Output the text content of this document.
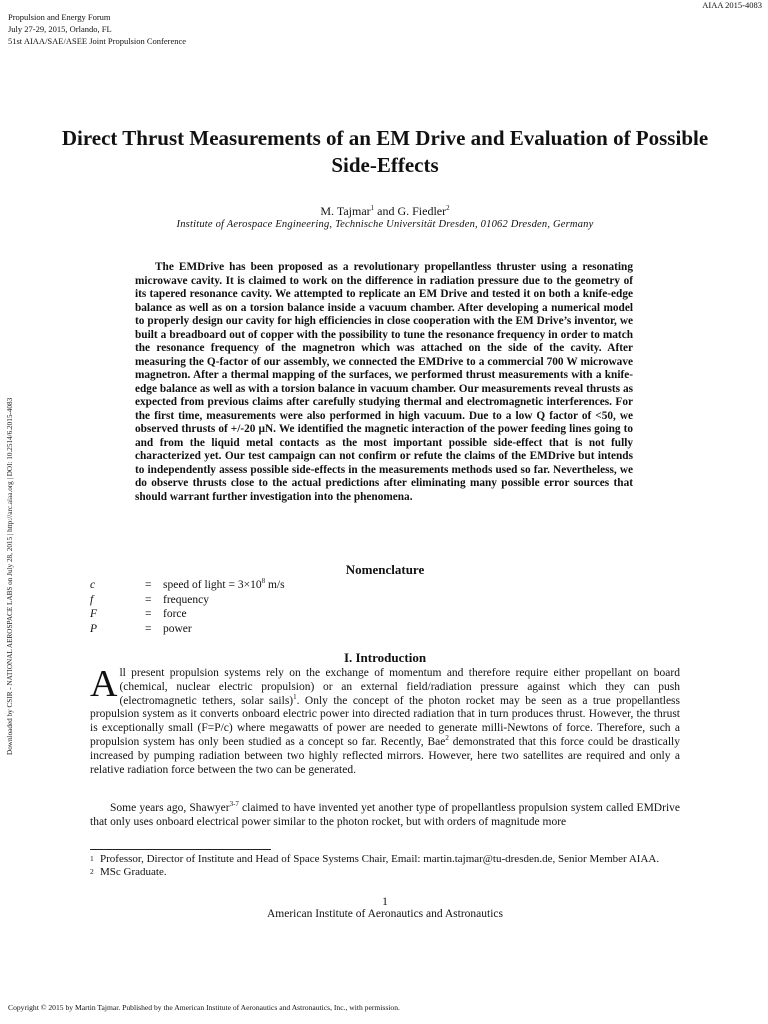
Propulsion and Energy Forum
July 27-29, 2015, Orlando, FL
51st AIAA/SAE/ASEE Joint Propulsion Conference
AIAA 2015-4083
Downloaded by CSIR - NATIONAL AEROSPACE LABS on July 28, 2015 | http://arc.aiaa.org | DOI: 10.2514/6.2015-4083
Direct Thrust Measurements of an EM Drive and Evaluation of Possible Side-Effects
M. Tajmar$^1$ and G. Fiedler$^2$
Institute of Aerospace Engineering, Technische Universität Dresden, 01062 Dresden, Germany
The EMDrive has been proposed as a revolutionary propellantless thruster using a resonating microwave cavity. It is claimed to work on the difference in radiation pressure due to the geometry of its tapered resonance cavity. We attempted to replicate an EM Drive and tested it on both a knife-edge balance as well as on a torsion balance inside a vacuum chamber. After developing a numerical model to properly design our cavity for high efficiencies in close cooperation with the EM Drive’s inventor, we built a breadboard out of copper with the possibility to tune the resonance frequency in order to match the resonance frequency of the magnetron which was attached on the side of the cavity. After measuring the Q-factor of our assembly, we connected the EMDrive to a commercial 700 W microwave magnetron. After a thermal mapping of the surfaces, we performed thrust measurements with a knife-edge balance as well as with a torsion balance in vacuum chamber. Our measurements reveal thrusts as expected from previous claims after carefully studying thermal and electromagnetic interferences. For the first time, measurements were also performed in high vacuum. Due to a low Q factor of <50, we observed thrusts of +/-20 µN. We identified the magnetic interaction of the power feeding lines going to and from the liquid metal contacts as the most important possible side-effect that is not fully characterized yet. Our test campaign can not confirm or refute the claims of the EMDrive but intends to independently assess possible side-effects in the measurements methods used so far. Nevertheless, we do observe thrusts close to the actual predictions after eliminating many possible error sources that should warrant further investigation into the phenomena.
Nomenclature
c	=	speed of light = $3\times 10^8$ m/s
f	=	frequency
F	=	force
P	=	power
I. Introduction
All present propulsion systems rely on the exchange of momentum and therefore require either propellant on board (chemical, nuclear electric propulsion) or an external field/radiation pressure against which they can push (electromagnetic tethers, solar sails)$^1$. Only the concept of the photon rocket may be seen as a true propellantless propulsion system as it converts onboard electric power into directed radiation that in turn produces thrust. However, the thrust is exceptionally small (F=P/c) where megawatts of power are needed to generate milli-Newtons of force. Therefore, such a propulsion system has only been studied as a concept so far. Recently, Bae$^2$ demonstrated that this force could be drastically increased by pumping radiation between two highly reflected mirrors. However, here two satellites are required and only a relative radiation force between the two can be generated.
Some years ago, Shawyer$^{3-7}$ claimed to have invented yet another type of propellantless propulsion system called EMDrive that only uses onboard electrical power similar to the photon rocket, but with orders of magnitude more
1 Professor, Director of Institute and Head of Space Systems Chair, Email: martin.tajmar@tu-dresden.de, Senior Member AIAA.
2 MSc Graduate.
1
American Institute of Aeronautics and Astronautics
Copyright © 2015 by Martin Tajmar. Published by the American Institute of Aeronautics and Astronautics, Inc., with permission.
